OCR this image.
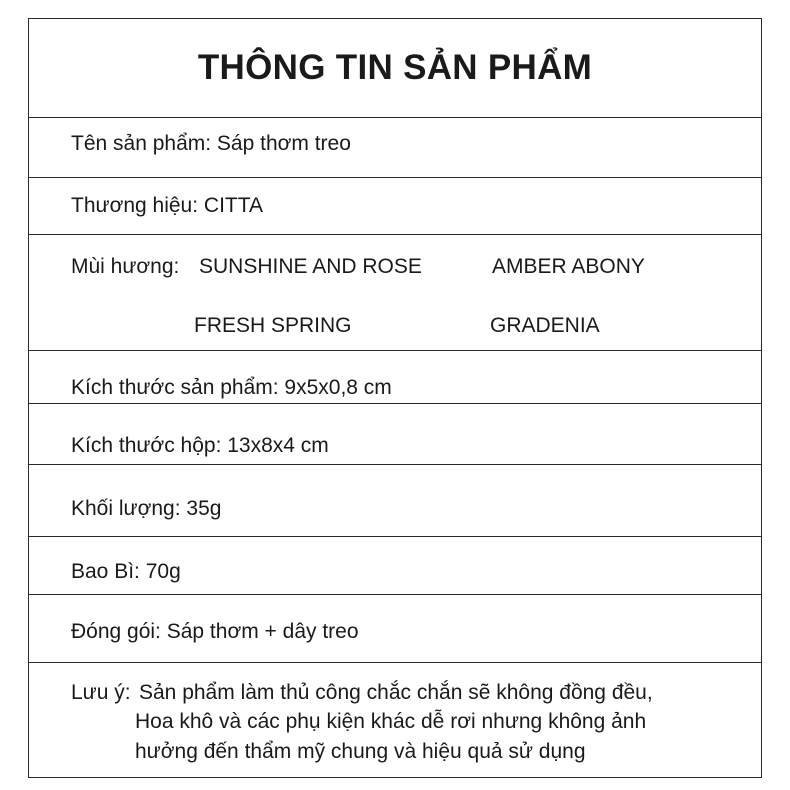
THÔNG TIN SẢN PHẨM
Tên sản phẩm: Sáp thơm treo
Thương hiệu: CITTA
Mùi hương: SUNSHINE AND ROSE	AMBER ABONY
FRESH SPRING	GRADENIA
Kích thước sản phẩm: 9x5x0,8 cm
Kích thước hộp: 13x8x4 cm
Khối lượng: 35g
Bao Bì: 70g
Đóng gói: Sáp thơm + dây treo
Lưu ý: Sản phẩm làm thủ công chắc chắn sẽ không đồng đều,
Hoa khô và các phụ kiện khác dễ rơi nhưng không ảnh
hưởng đến thẩm mỹ chung và hiệu quả sử dụng
